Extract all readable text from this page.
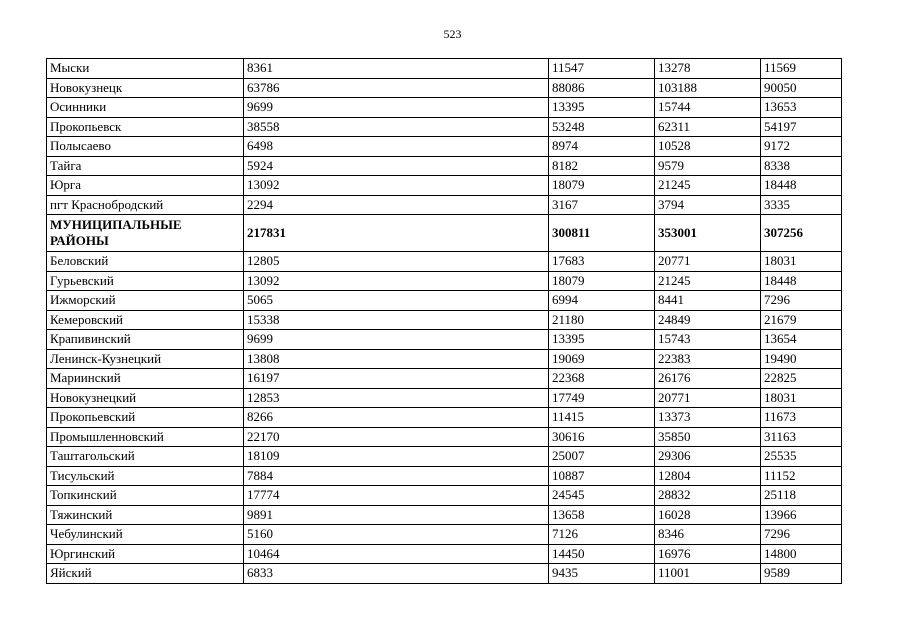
523
Мыски	8361	11547	13278	11569
Новокузнецк	63786	88086	103188	90050
Осинники	9699	13395	15744	13653
Прокопьевск	38558	53248	62311	54197
Полысаево	6498	8974	10528	9172
Тайга	5924	8182	9579	8338
Юрга	13092	18079	21245	18448
пгт Краснобродский	2294	3167	3794	3335
МУНИЦИПАЛЬНЫЕ РАЙОНЫ	217831	300811	353001	307256
Беловский	12805	17683	20771	18031
Гурьевский	13092	18079	21245	18448
Ижморский	5065	6994	8441	7296
Кемеровский	15338	21180	24849	21679
Крапивинский	9699	13395	15743	13654
Ленинск-Кузнецкий	13808	19069	22383	19490
Мариинский	16197	22368	26176	22825
Новокузнецкий	12853	17749	20771	18031
Прокопьевский	8266	11415	13373	11673
Промышленновский	22170	30616	35850	31163
Таштагольский	18109	25007	29306	25535
Тисульский	7884	10887	12804	11152
Топкинский	17774	24545	28832	25118
Тяжинский	9891	13658	16028	13966
Чебулинский	5160	7126	8346	7296
Юргинский	10464	14450	16976	14800
Яйский	6833	9435	11001	9589
